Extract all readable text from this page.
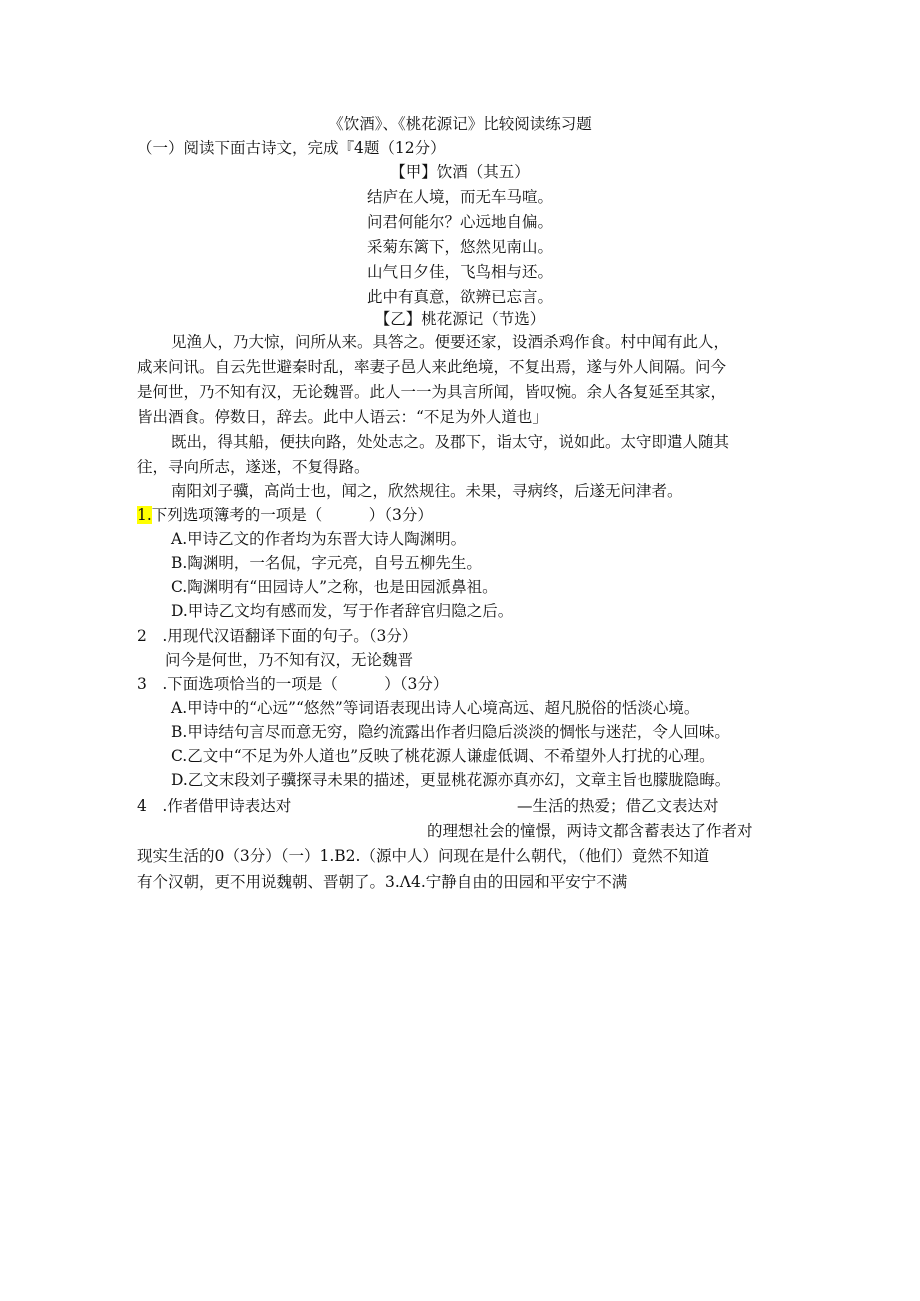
《饮酒》、《桃花源记》比较阅读练习题
（一）阅读下面古诗文，完成『4题（12分）
【甲】饮酒（其五）
结庐在人境，而无车马喧。
问君何能尔？心远地自偏。
采菊东篱下，悠然见南山。
山气日夕佳，飞鸟相与还。
此中有真意，欲辨已忘言。
【乙】桃花源记（节选）
见渔人，乃大惊，问所从来。具答之。便要还家，设酒杀鸡作食。村中闻有此人，
咸来问讯。自云先世避秦时乱，率妻子邑人来此绝境，不复出焉，遂与外人间隔。问今
是何世，乃不知有汉，无论魏晋。此人一一为具言所闻，皆叹惋。余人各复延至其家，
皆出酒食。停数日，辞去。此中人语云：“不足为外人道也」
既出，得其船，便扶向路，处处志之。及郡下，诣太守，说如此。太守即遣人随其
往，寻向所志，遂迷，不复得路。
南阳刘子骥，高尚士也，闻之，欣然规往。未果，寻病终，后遂无问津者。
1.下列选项簿考的一项是（　　　）（3分）
A.甲诗乙文的作者均为东晋大诗人陶渊明。
B.陶渊明，一名侃，字元亮，自号五柳先生。
C.陶渊明有“田园诗人”之称，也是田园派鼻祖。
D.甲诗乙文均有感而发，写于作者辞官归隐之后。
2　.用现代汉语翻译下面的句子。（3分）
问今是何世，乃不知有汉，无论魏晋
3　.下面选项恰当的一项是（　　　）（3分）
A.甲诗中的“心远”“悠然”等词语表现出诗人心境高远、超凡脱俗的恬淡心境。
B.甲诗结句言尽而意无穷，隐约流露出作者归隐后淡淡的惆怅与迷茫，令人回味。
C.乙文中“不足为外人道也”反映了桃花源人谦虚低调、不希望外人打扰的心理。
D.乙文末段刘子骥探寻未果的描述，更显桃花源亦真亦幻，文章主旨也朦胧隐晦。
4　.作者借甲诗表达对	—生活的热爱；借乙文表达对
的理想社会的憧憬，两诗文都含蓄表达了作者对
现实生活的0（3分）（一）1.B2.（源中人）问现在是什么朝代，（他们）竟然不知道
有个汉朝，更不用说魏朝、晋朝了。3.Λ4.宁静自由的田园和平安宁不满
